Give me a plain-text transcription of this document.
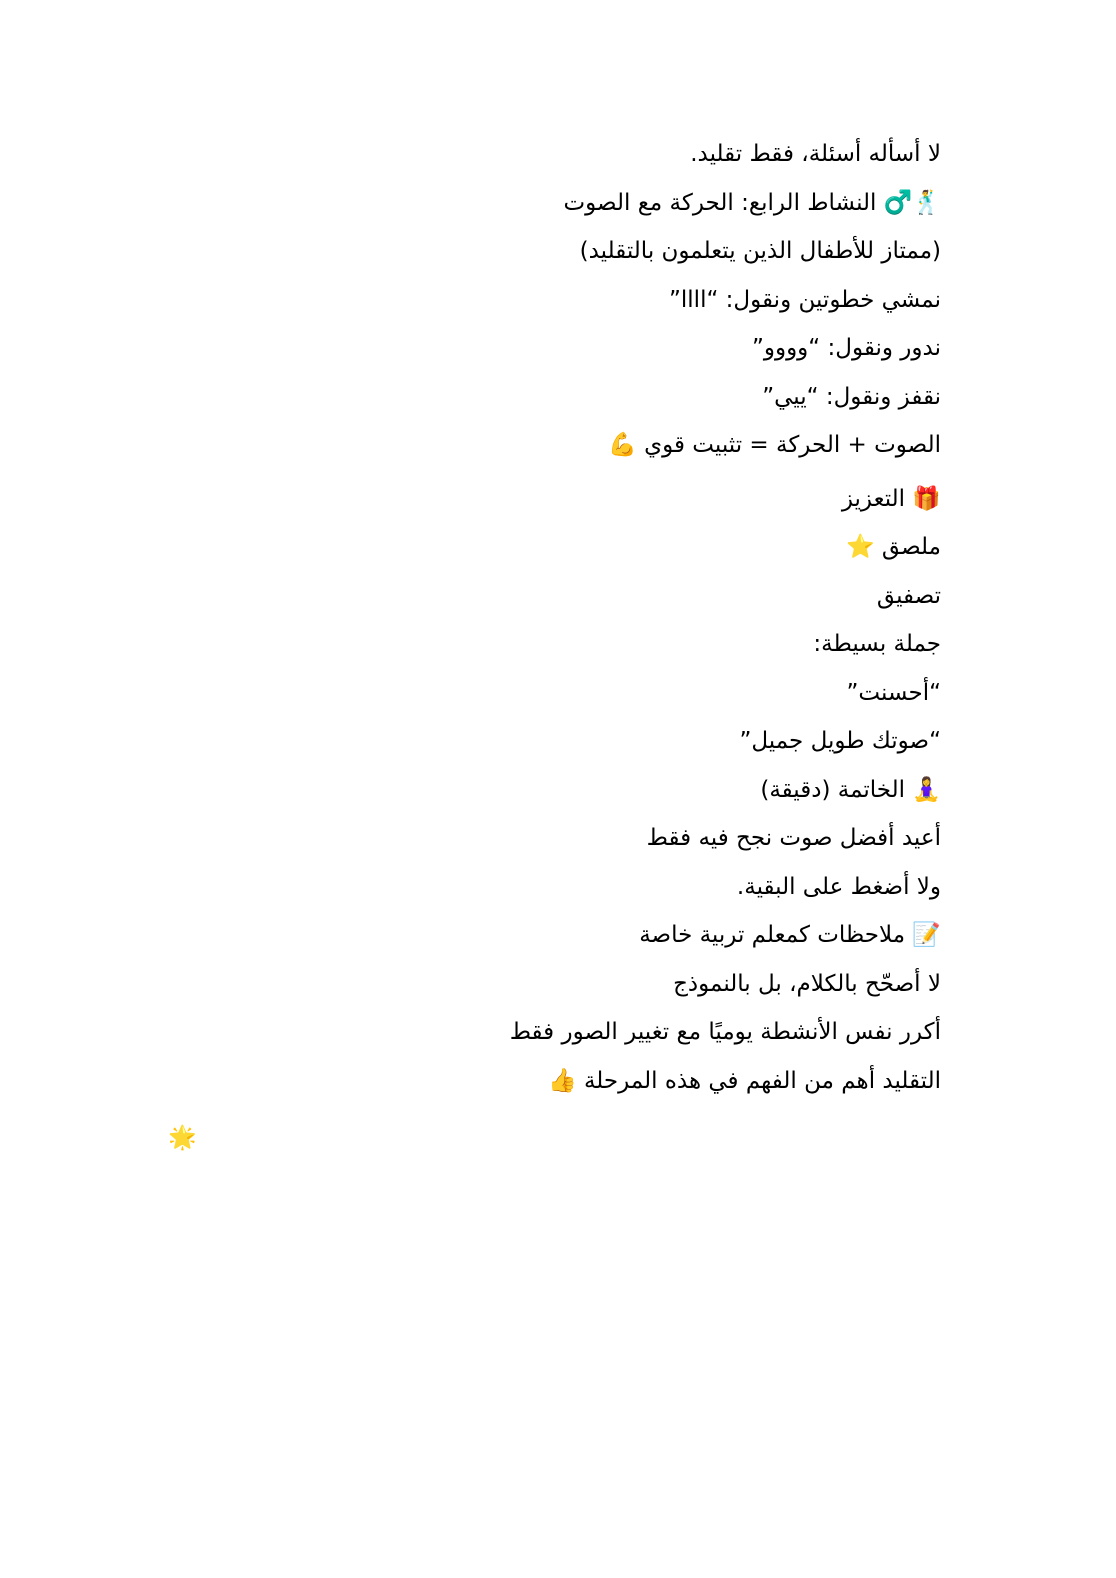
لا أسأله أسئلة، فقط تقليد.
🕺‍♂ النشاط الرابع: الحركة مع الصوت
(ممتاز للأطفال الذين يتعلمون بالتقليد)
نمشي خطوتين ونقول: “اااا”
ندور ونقول: “وووو”
نقفز ونقول: “ييي”
الصوت + الحركة = تثبيت قوي 💪
🎁 التعزيز
ملصق ⭐
تصفيق
جملة بسيطة:
“أحسنت”
“صوتك طويل جميل”
🧘‍♀ الخاتمة (دقيقة)
أعيد أفضل صوت نجح فيه فقط
ولا أضغط على البقية.
📝 ملاحظات كمعلم تربية خاصة
لا أصحّح بالكلام، بل بالنموذج
أكرر نفس الأنشطة يوميًا مع تغيير الصور فقط
التقليد أهم من الفهم في هذه المرحلة 👍
🌟
